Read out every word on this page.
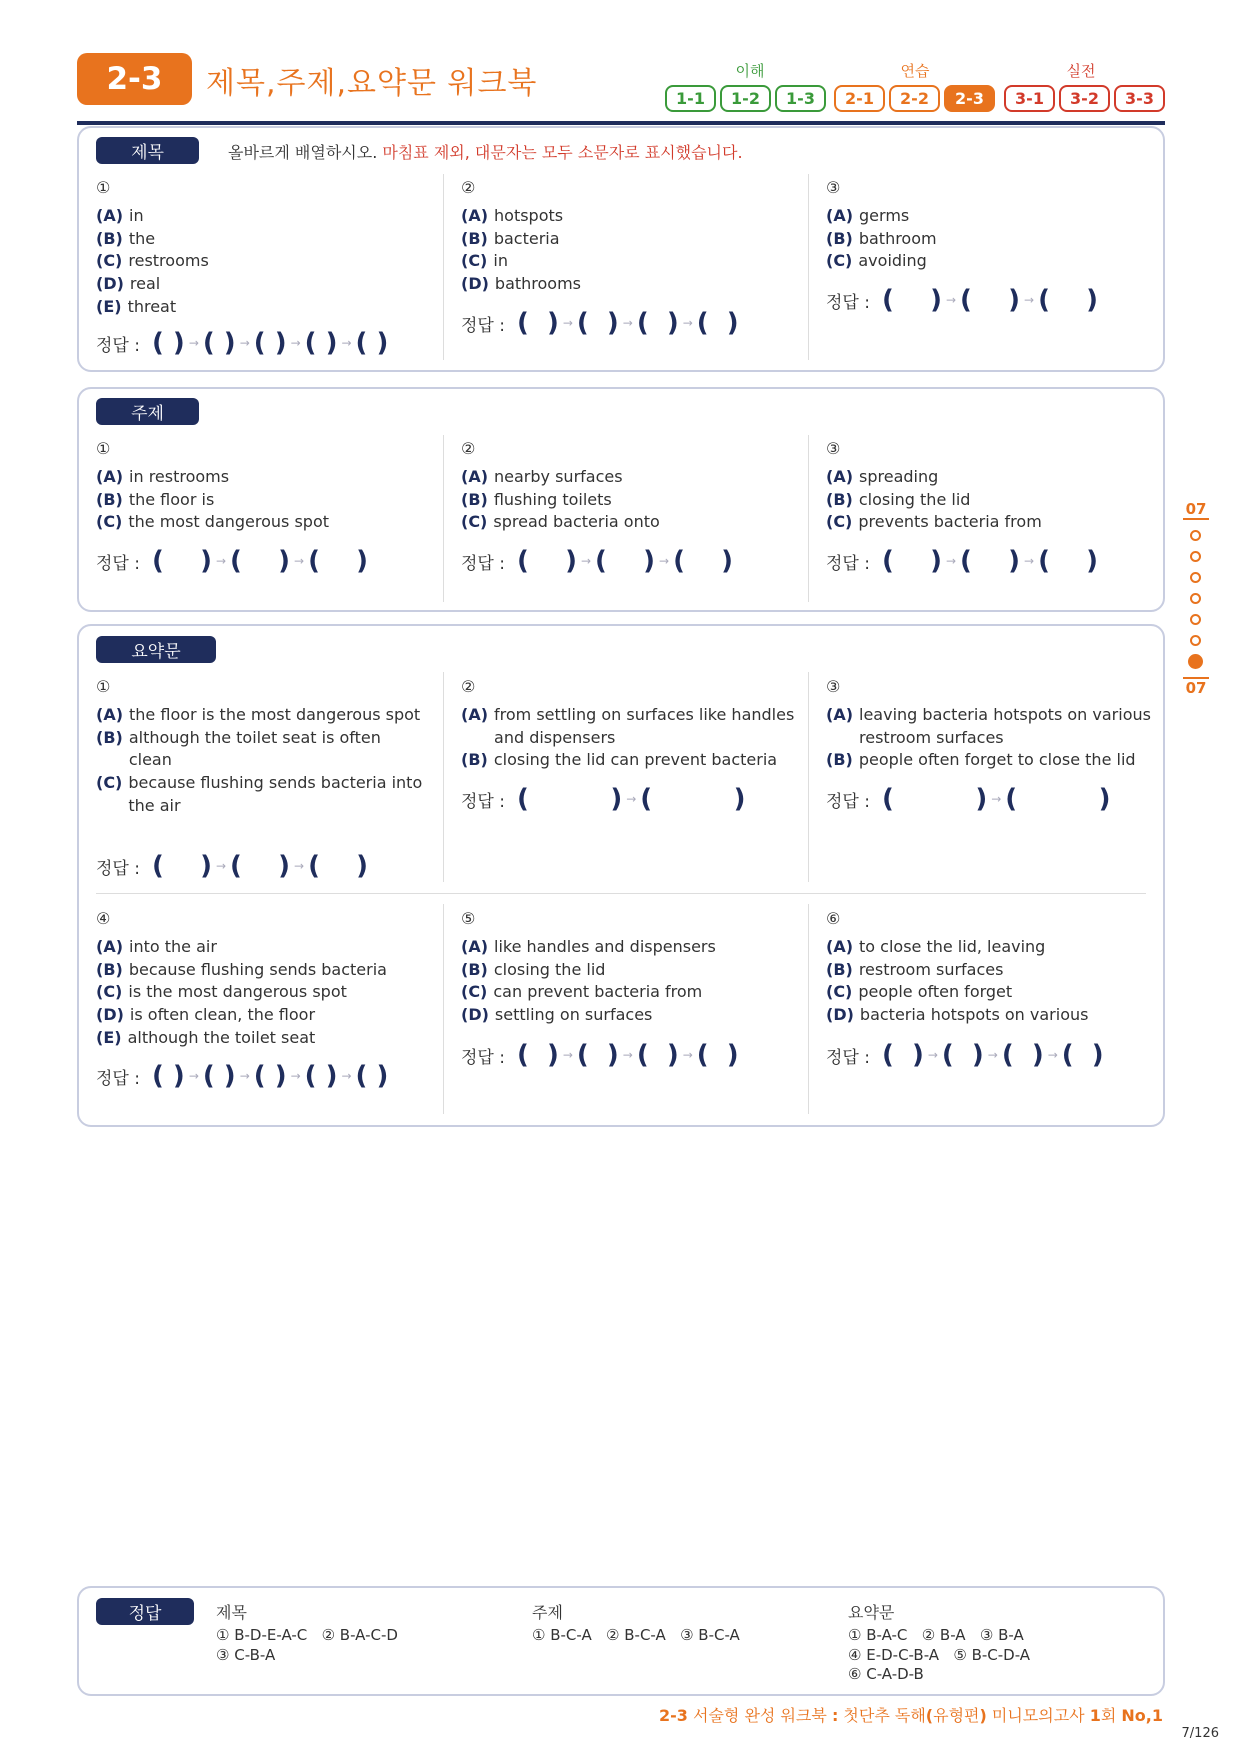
2-3	제목,주제,요약문 워크북	이해	연습	실전
1-1	1-2	1-3	2-1	2-2	2-3	3-1	3-2	3-3
제목	올바르게 배열하시오. 마침표 제외, 대문자는 모두 소문자로 표시했습니다.
①
(A) in
(B) the
(C) restrooms
(D) real
(E) threat
정답 : ( ) → ( ) → ( ) → ( ) → ( )
②
(A) hotspots
(B) bacteria
(C) in
(D) bathrooms
정답 : (  ) → (  ) → (  ) → (  )
③
(A) germs
(B) bathroom
(C) avoiding
정답 : (    ) → (    ) → (    )
주제
①
(A) in restrooms
(B) the floor is
(C) the most dangerous spot
정답 : (    ) → (    ) → (    )
②
(A) nearby surfaces
(B) flushing toilets
(C) spread bacteria onto
정답 : (    ) → (    ) → (    )
③
(A) spreading
(B) closing the lid
(C) prevents bacteria from
정답 : (    ) → (    ) → (    )
요약문
①
(A) the floor is the most dangerous spot
(B) although the toilet seat is often clean
(C) because flushing sends bacteria into the air
정답 : (    ) → (    ) → (    )
②
(A) from settling on surfaces like handles and dispensers
(B) closing the lid can prevent bacteria
정답 : (         ) → (         )
③
(A) leaving bacteria hotspots on various restroom surfaces
(B) people often forget to close the lid
정답 : (         ) → (         )
④
(A) into the air
(B) because flushing sends bacteria
(C) is the most dangerous spot
(D) is often clean, the floor
(E) although the toilet seat
정답 : ( ) → ( ) → ( ) → ( ) → ( )
⑤
(A) like handles and dispensers
(B) closing the lid
(C) can prevent bacteria from
(D) settling on surfaces
정답 : (  ) → (  ) → (  ) → (  )
⑥
(A) to close the lid, leaving
(B) restroom surfaces
(C) people often forget
(D) bacteria hotspots on various
정답 : (  ) → (  ) → (  ) → (  )
07
07
정답	제목
① B-D-E-A-C   ② B-A-C-D
③ C-B-A
주제
① B-C-A   ② B-C-A   ③ B-C-A
요약문
① B-A-C   ② B-A   ③ B-A
④ E-D-C-B-A   ⑤ B-C-D-A
⑥ C-A-D-B
2-3 서술형 완성 워크북 : 첫단추 독해(유형편) 미니모의고사 1회 No,1
7/126
